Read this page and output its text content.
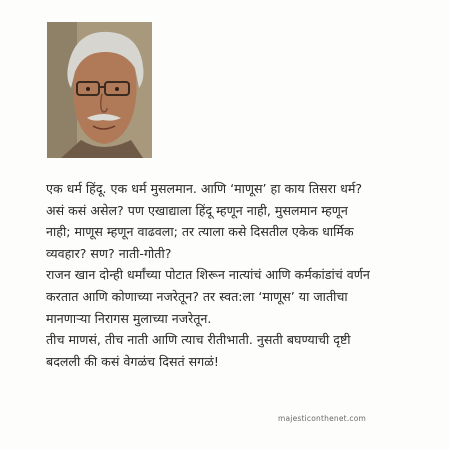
एक धर्म हिंदू. एक धर्म मुसलमान. आणि ‘माणूस’ हा काय तिसरा धर्म?
असं कसं असेल? पण एखाद्याला हिंदू म्हणून नाही, मुसलमान म्हणून
नाही; माणूस म्हणून वाढवला; तर त्याला कसे दिसतील एकेक धार्मिक
व्यवहार? सण? नाती-गोती?

राजन खान दोन्ही धर्मांच्या पोटात शिरून नात्यांचं आणि कर्मकांडांचं वर्णन
करतात आणि कोणाच्या नजरेतून? तर स्वत:ला ‘माणूस’ या जातीचा
मानणाऱ्या निरागस मुलाच्या नजरेतून.

तीच माणसं, तीच नाती आणि त्याच रीतीभाती. नुसती बघण्याची दृष्टी
बदलली की कसं वेगळंच दिसतं सगळं!

majesticonthenet.com
